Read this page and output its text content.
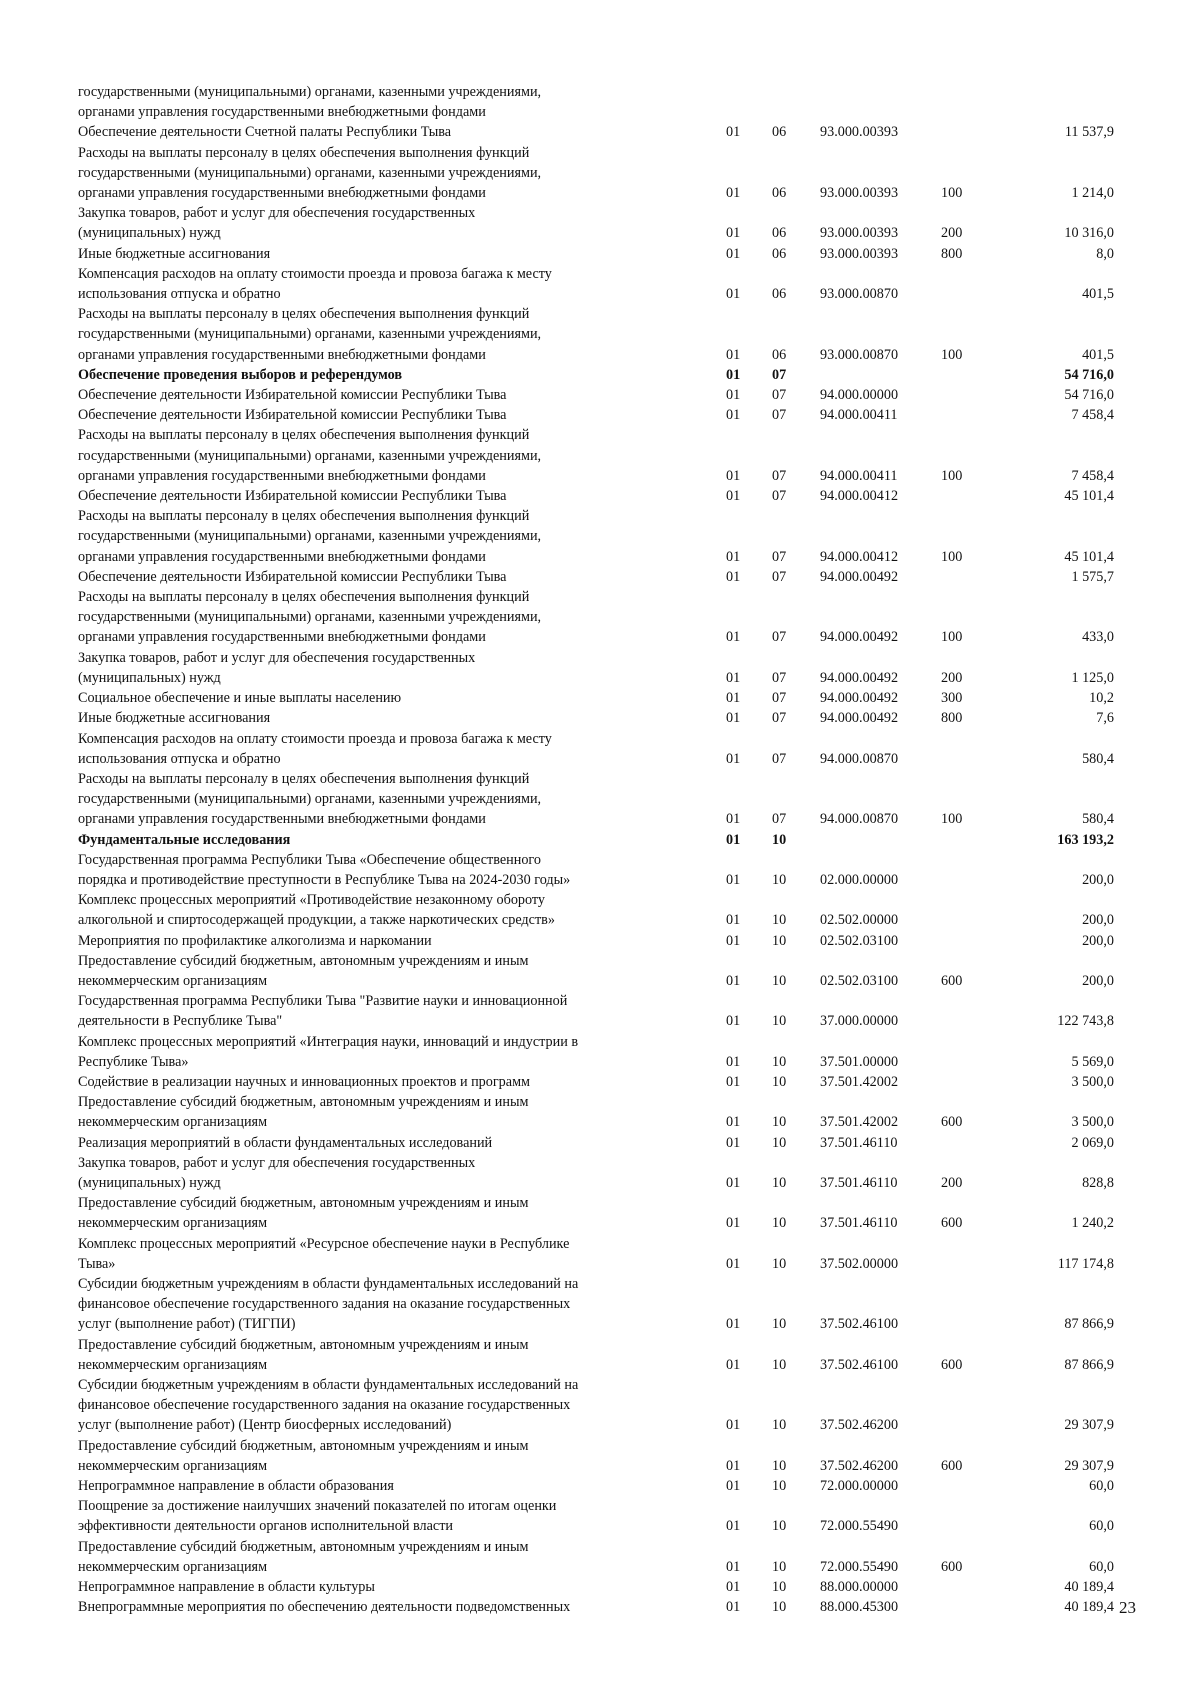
государственными (муниципальными) органами, казенными учреждениями,
органами управления государственными внебюджетными фондами
Обеспечение деятельности Счетной палаты Республики Тыва	01 06 93.000.00393	11 537,9
Расходы на выплаты персоналу в целях обеспечения выполнения функций
государственными (муниципальными) органами, казенными учреждениями,
органами управления государственными внебюджетными фондами	01 06 93.000.00393	100	1 214,0
Закупка товаров, работ и услуг для обеспечения государственных
(муниципальных) нужд	01 06 93.000.00393	200	10 316,0
Иные бюджетные ассигнования	01 06 93.000.00393	800	8,0
Компенсация расходов на оплату стоимости проезда и провоза багажа к месту
использования отпуска и обратно	01 06 93.000.00870	401,5
Расходы на выплаты персоналу в целях обеспечения выполнения функций
государственными (муниципальными) органами, казенными учреждениями,
органами управления государственными внебюджетными фондами	01 06 93.000.00870	100	401,5
Обеспечение проведения выборов и референдумов	01 07	54 716,0
Обеспечение деятельности Избирательной комиссии Республики Тыва	01 07 94.000.00000	54 716,0
Обеспечение деятельности Избирательной комиссии Республики Тыва	01 07 94.000.00411	7 458,4
Расходы на выплаты персоналу в целях обеспечения выполнения функций
государственными (муниципальными) органами, казенными учреждениями,
органами управления государственными внебюджетными фондами	01 07 94.000.00411	100	7 458,4
Обеспечение деятельности Избирательной комиссии Республики Тыва	01 07 94.000.00412	45 101,4
Расходы на выплаты персоналу в целях обеспечения выполнения функций
государственными (муниципальными) органами, казенными учреждениями,
органами управления государственными внебюджетными фондами	01 07 94.000.00412	100	45 101,4
Обеспечение деятельности Избирательной комиссии Республики Тыва	01 07 94.000.00492	1 575,7
Расходы на выплаты персоналу в целях обеспечения выполнения функций
государственными (муниципальными) органами, казенными учреждениями,
органами управления государственными внебюджетными фондами	01 07 94.000.00492	100	433,0
Закупка товаров, работ и услуг для обеспечения государственных
(муниципальных) нужд	01 07 94.000.00492	200	1 125,0
Социальное обеспечение и иные выплаты населению	01 07 94.000.00492	300	10,2
Иные бюджетные ассигнования	01 07 94.000.00492	800	7,6
Компенсация расходов на оплату стоимости проезда и провоза багажа к месту
использования отпуска и обратно	01 07 94.000.00870	580,4
Расходы на выплаты персоналу в целях обеспечения выполнения функций
государственными (муниципальными) органами, казенными учреждениями,
органами управления государственными внебюджетными фондами	01 07 94.000.00870	100	580,4
Фундаментальные исследования	01 10	163 193,2
Государственная программа Республики Тыва «Обеспечение общественного
порядка и противодействие преступности в Республике Тыва на 2024-2030 годы»	01 10 02.000.00000	200,0
Комплекс процессных мероприятий «Противодействие незаконному обороту
алкогольной и спиртосодержащей продукции, а также наркотических средств»	01 10 02.502.00000	200,0
Мероприятия по профилактике алкоголизма и наркомании	01 10 02.502.03100	200,0
Предоставление субсидий бюджетным, автономным учреждениям и иным
некоммерческим организациям	01 10 02.502.03100	600	200,0
Государственная программа Республики Тыва "Развитие науки и инновационной
деятельности в Республике Тыва"	01 10 37.000.00000	122 743,8
Комплекс процессных мероприятий «Интеграция науки, инноваций и индустрии в
Республике Тыва»	01 10 37.501.00000	5 569,0
Содействие в реализации научных и инновационных проектов и программ	01 10 37.501.42002	3 500,0
Предоставление субсидий бюджетным, автономным учреждениям и иным
некоммерческим организациям	01 10 37.501.42002	600	3 500,0
Реализация мероприятий в области фундаментальных исследований	01 10 37.501.46110	2 069,0
Закупка товаров, работ и услуг для обеспечения государственных
(муниципальных) нужд	01 10 37.501.46110	200	828,8
Предоставление субсидий бюджетным, автономным учреждениям и иным
некоммерческим организациям	01 10 37.501.46110	600	1 240,2
Комплекс процессных мероприятий «Ресурсное обеспечение науки в Республике
Тыва»	01 10 37.502.00000	117 174,8
Субсидии бюджетным учреждениям в области фундаментальных исследований на
финансовое обеспечение государственного задания на оказание государственных
услуг (выполнение работ) (ТИГПИ)	01 10 37.502.46100	87 866,9
Предоставление субсидий бюджетным, автономным учреждениям и иным
некоммерческим организациям	01 10 37.502.46100	600	87 866,9
Субсидии бюджетным учреждениям в области фундаментальных исследований на
финансовое обеспечение государственного задания на оказание государственных
услуг (выполнение работ) (Центр биосферных исследований)	01 10 37.502.46200	29 307,9
Предоставление субсидий бюджетным, автономным учреждениям и иным
некоммерческим организациям	01 10 37.502.46200	600	29 307,9
Непрограммное направление в области образования	01 10 72.000.00000	60,0
Поощрение за достижение наилучших значений показателей по итогам оценки
эффективности деятельности органов исполнительной власти	01 10 72.000.55490	60,0
Предоставление субсидий бюджетным, автономным учреждениям и иным
некоммерческим организациям	01 10 72.000.55490	600	60,0
Непрограммное направление в области культуры	01 10 88.000.00000	40 189,4
Внепрограммные мероприятия по обеспечению деятельности подведомственных	01 10 88.000.45300	40 189,4 23
